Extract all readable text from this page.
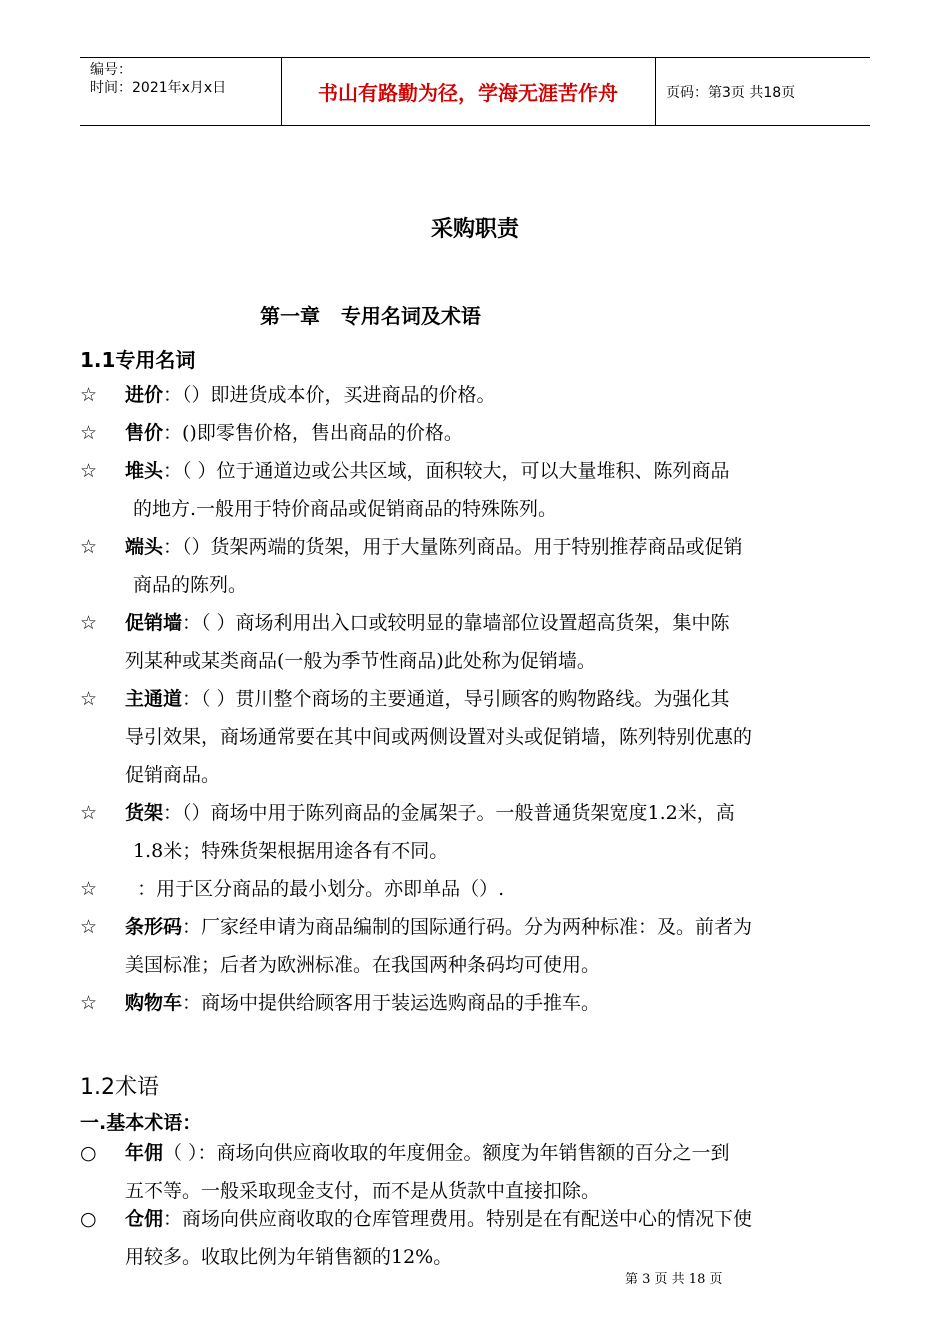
编号：
时间：2021年x月x日	书山有路勤为径，学海无涯苦作舟	页码：第3页 共18页
采购职责
第一章   专用名词及术语
1.1专用名词
☆	进价：（）即进货成本价，买进商品的价格。
☆	售价：()即零售价格，售出商品的价格。
☆	堆头：（ ）位于通道边或公共区域，面积较大，可以大量堆积、陈列商品
的地方.一般用于特价商品或促销商品的特殊陈列。
☆	端头：（）货架两端的货架，用于大量陈列商品。用于特别推荐商品或促销
商品的陈列。
☆	促销墙：（ ）商场利用出入口或较明显的靠墙部位设置超高货架，集中陈
列某种或某类商品(一般为季节性商品)此处称为促销墙。
☆	主通道：（ ）贯川整个商场的主要通道，导引顾客的购物路线。为强化其
导引效果，商场通常要在其中间或两侧设置对头或促销墙，陈列特别优惠的
促销商品。
☆	货架：（）商场中用于陈列商品的金属架子。一般普通货架宽度1.2米，高
1.8米；特殊货架根据用途各有不同。
☆	：用于区分商品的最小划分。亦即单品（）.
☆	条形码：厂家经申请为商品编制的国际通行码。分为两种标准：及。前者为
美国标准；后者为欧洲标准。在我国两种条码均可使用。
☆	购物车：商场中提供给顾客用于装运选购商品的手推车。
1.2术语
一.基本术语：
○	年佣（ ）：商场向供应商收取的年度佣金。额度为年销售额的百分之一到
五不等。一般采取现金支付，而不是从货款中直接扣除。
○	仓佣：商场向供应商收取的仓库管理费用。特别是在有配送中心的情况下使
用较多。收取比例为年销售额的12%。
第 3 页 共 18 页
